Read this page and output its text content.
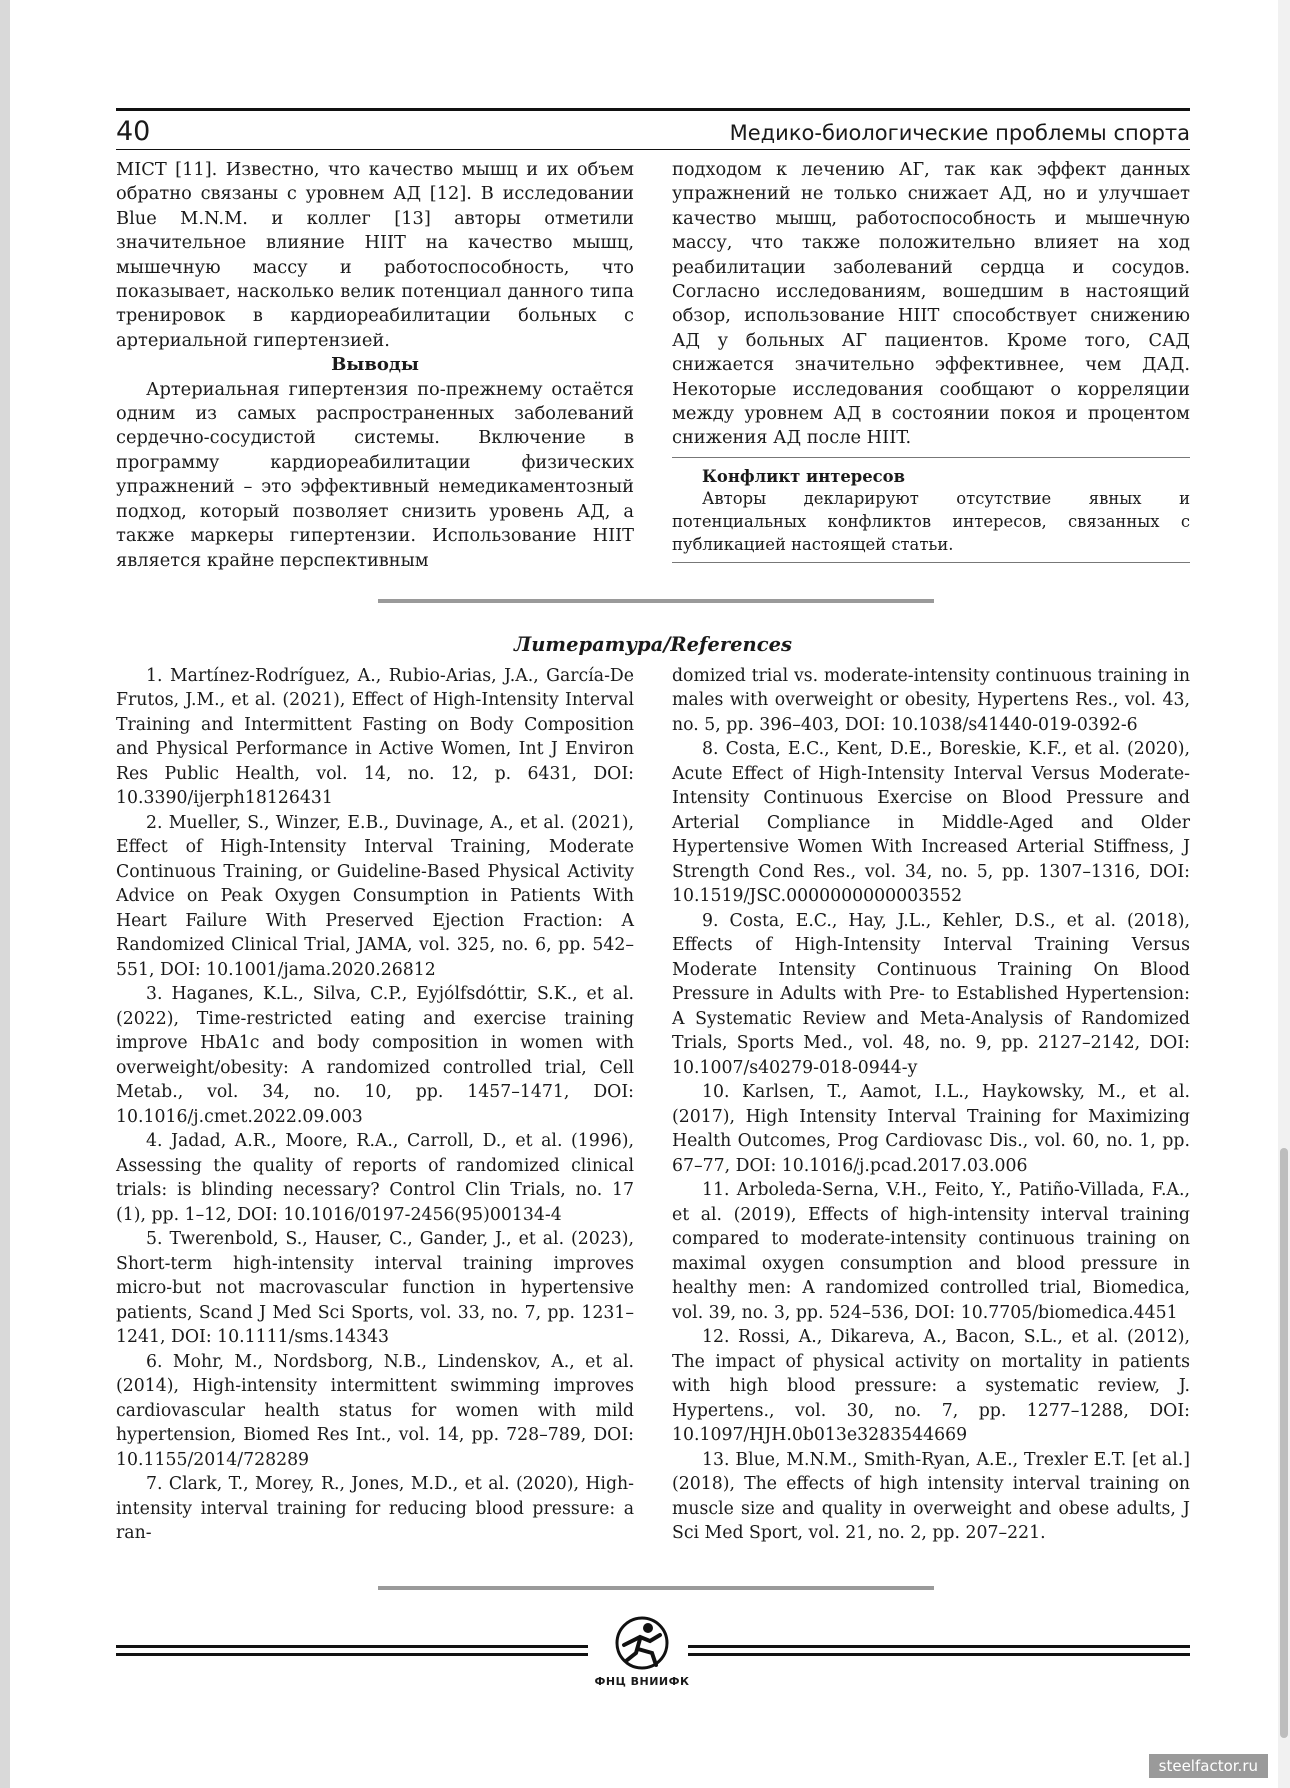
40	Медико-биологические проблемы спорта

MICT [11]. Известно, что качество мышц и их объем обратно связаны с уровнем АД [12]. В исследовании Blue M.N.M. и коллег [13] авторы отметили значительное влияние HIIT на качество мышц, мышечную массу и работоспособность, что показывает, насколько велик потенциал данного типа тренировок в кардиореабилитации больных с артериальной гипертензией.

Выводы

Артериальная гипертензия по-прежнему остаётся одним из самых распространенных заболеваний сердечно-сосудистой системы. Включение в программу кардиореабилитации физических упражнений – это эффективный немедикаментозный подход, который позволяет снизить уровень АД, а также маркеры гипертензии. Использование HIIT является крайне перспективным

подходом к лечению АГ, так как эффект данных упражнений не только снижает АД, но и улучшает качество мышц, работоспособность и мышечную массу, что также положительно влияет на ход реабилитации заболеваний сердца и сосудов. Согласно исследованиям, вошедшим в настоящий обзор, использование HIIT способствует снижению АД у больных АГ пациентов. Кроме того, САД снижается значительно эффективнее, чем ДАД. Некоторые исследования сообщают о корреляции между уровнем АД в состоянии покоя и процентом снижения АД после HIIT.

Конфликт интересов
Авторы декларируют отсутствие явных и потенциальных конфликтов интересов, связанных с публикацией настоящей статьи.
Литература/References

1. Martínez-Rodríguez, A., Rubio-Arias, J.A., García-De Frutos, J.M., et al. (2021), Effect of High-Intensity Interval Training and Intermittent Fasting on Body Composition and Physical Performance in Active Women, Int J Environ Res Public Health, vol. 14, no. 12, p. 6431, DOI: 10.3390/ijerph18126431

2. Mueller, S., Winzer, E.B., Duvinage, A., et al. (2021), Effect of High-Intensity Interval Training, Moderate Continuous Training, or Guideline-Based Physical Activity Advice on Peak Oxygen Consumption in Patients With Heart Failure With Preserved Ejection Fraction: A Randomized Clinical Trial, JAMA, vol. 325, no. 6, pp. 542–551, DOI: 10.1001/jama.2020.26812

3. Haganes, K.L., Silva, C.P., Eyjólfsdóttir, S.K., et al. (2022), Time-restricted eating and exercise training improve HbA1c and body composition in women with overweight/obesity: A randomized controlled trial, Cell Metab., vol. 34, no. 10, pp. 1457–1471, DOI: 10.1016/j.cmet.2022.09.003

4. Jadad, A.R., Moore, R.A., Carroll, D., et al. (1996), Assessing the quality of reports of randomized clinical trials: is blinding necessary? Control Clin Trials, no. 17 (1), pp. 1–12, DOI: 10.1016/0197-2456(95)00134-4

5. Twerenbold, S., Hauser, C., Gander, J., et al. (2023), Short-term high-intensity interval training improves micro-but not macrovascular function in hypertensive patients, Scand J Med Sci Sports, vol. 33, no. 7, pp. 1231–1241, DOI: 10.1111/sms.14343

6. Mohr, M., Nordsborg, N.B., Lindenskov, A., et al. (2014), High-intensity intermittent swimming improves cardiovascular health status for women with mild hypertension, Biomed Res Int., vol. 14, pp. 728–789, DOI: 10.1155/2014/728289

7. Clark, T., Morey, R., Jones, M.D., et al. (2020), High-intensity interval training for reducing blood pressure: a ran-

domized trial vs. moderate-intensity continuous training in males with overweight or obesity, Hypertens Res., vol. 43, no. 5, pp. 396–403, DOI: 10.1038/s41440-019-0392-6

8. Costa, E.C., Kent, D.E., Boreskie, K.F., et al. (2020), Acute Effect of High-Intensity Interval Versus Moderate-Intensity Continuous Exercise on Blood Pressure and Arterial Compliance in Middle-Aged and Older Hypertensive Women With Increased Arterial Stiffness, J Strength Cond Res., vol. 34, no. 5, pp. 1307–1316, DOI: 10.1519/JSC.0000000000003552

9. Costa, E.C., Hay, J.L., Kehler, D.S., et al. (2018), Effects of High-Intensity Interval Training Versus Moderate Intensity Continuous Training On Blood Pressure in Adults with Pre- to Established Hypertension: A Systematic Review and Meta-Analysis of Randomized Trials, Sports Med., vol. 48, no. 9, pp. 2127–2142, DOI: 10.1007/s40279-018-0944-y

10. Karlsen, T., Aamot, I.L., Haykowsky, M., et al. (2017), High Intensity Interval Training for Maximizing Health Outcomes, Prog Cardiovasc Dis., vol. 60, no. 1, pp. 67–77, DOI: 10.1016/j.pcad.2017.03.006

11. Arboleda-Serna, V.H., Feito, Y., Patiño-Villada, F.A., et al. (2019), Effects of high-intensity interval training compared to moderate-intensity continuous training on maximal oxygen consumption and blood pressure in healthy men: A randomized controlled trial, Biomedica, vol. 39, no. 3, pp. 524–536, DOI: 10.7705/biomedica.4451

12. Rossi, A., Dikareva, A., Bacon, S.L., et al. (2012), The impact of physical activity on mortality in patients with high blood pressure: a systematic review, J. Hypertens., vol. 30, no. 7, pp. 1277–1288, DOI: 10.1097/HJH.0b013e3283544669

13. Blue, M.N.M., Smith-Ryan, A.E., Trexler E.T. [et al.] (2018), The effects of high intensity interval training on muscle size and quality in overweight and obese adults, J Sci Med Sport, vol. 21, no. 2, pp. 207–221.

ФНЦ ВНИИФК
steelfactor.ru
